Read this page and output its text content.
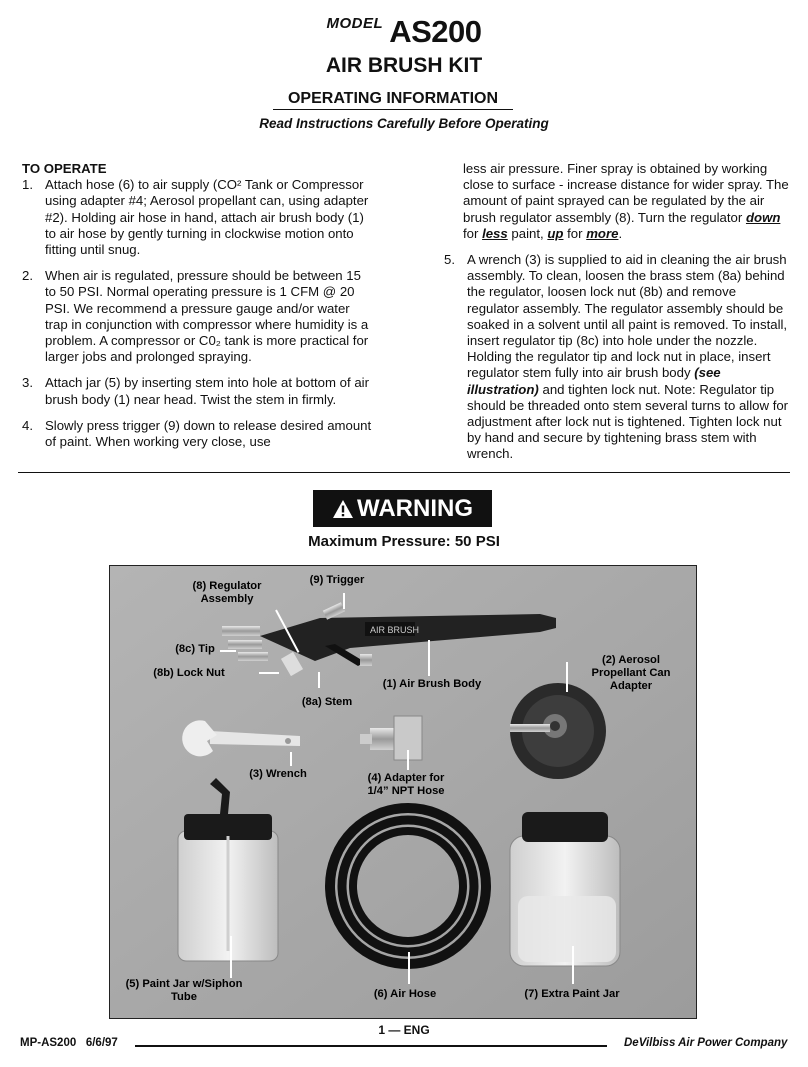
MODEL AS200
AIR BRUSH KIT
OPERATING INFORMATION
Read Instructions Carefully Before Operating
TO OPERATE
1. Attach hose (6) to air supply (CO² Tank or Compressor using adapter #4; Aerosol propellant can, using adapter #2). Holding air hose in hand, attach air brush body (1) to air hose by gently turning in clockwise motion onto fitting until snug.
2. When air is regulated, pressure should be between 15 to 50 PSI. Normal operating pressure is 1 CFM @ 20 PSI. We recommend a pressure gauge and/or water trap in conjunction with compressor where humidity is a problem. A compressor or C0₂ tank is more practical for larger jobs and prolonged spraying.
3. Attach jar (5) by inserting stem into hole at bottom of air brush body (1) near head. Twist the stem in firmly.
4. Slowly press trigger (9) down to release desired amount of paint. When working very close, use
less air pressure. Finer spray is obtained by working close to surface - increase distance for wider spray. The amount of paint sprayed can be regulated by the air brush regulator assembly (8). Turn the regulator down for less paint, up for more.
5. A wrench (3) is supplied to aid in cleaning the air brush assembly. To clean, loosen the brass stem (8a) behind the regulator, loosen lock nut (8b) and remove regulator assembly. The regulator assembly should be soaked in a solvent until all paint is removed. To install, insert regulator tip (8c) into hole under the nozzle. Holding the regulator tip and lock nut in place, insert regulator stem fully into air brush body (see illustration) and tighten lock nut. Note: Regulator tip should be threaded onto stem several turns to allow for adjustment after lock nut is tightened. Tighten lock nut by hand and secure by tightening brass stem with wrench.
WARNING
Maximum Pressure: 50 PSI
AIR BRUSH
(9) Trigger
(8) Regulator Assembly
(8c) Tip
(8b) Lock Nut
(8a) Stem
(1) Air Brush Body
(2) Aerosol Propellant Can Adapter
(3) Wrench	(4) Adapter for 1/4” NPT Hose
(5) Paint Jar w/Siphon Tube	(6) Air Hose	(7) Extra Paint Jar
1 — ENG
MP-AS200   6/6/97	DeVilbiss Air Power Company
